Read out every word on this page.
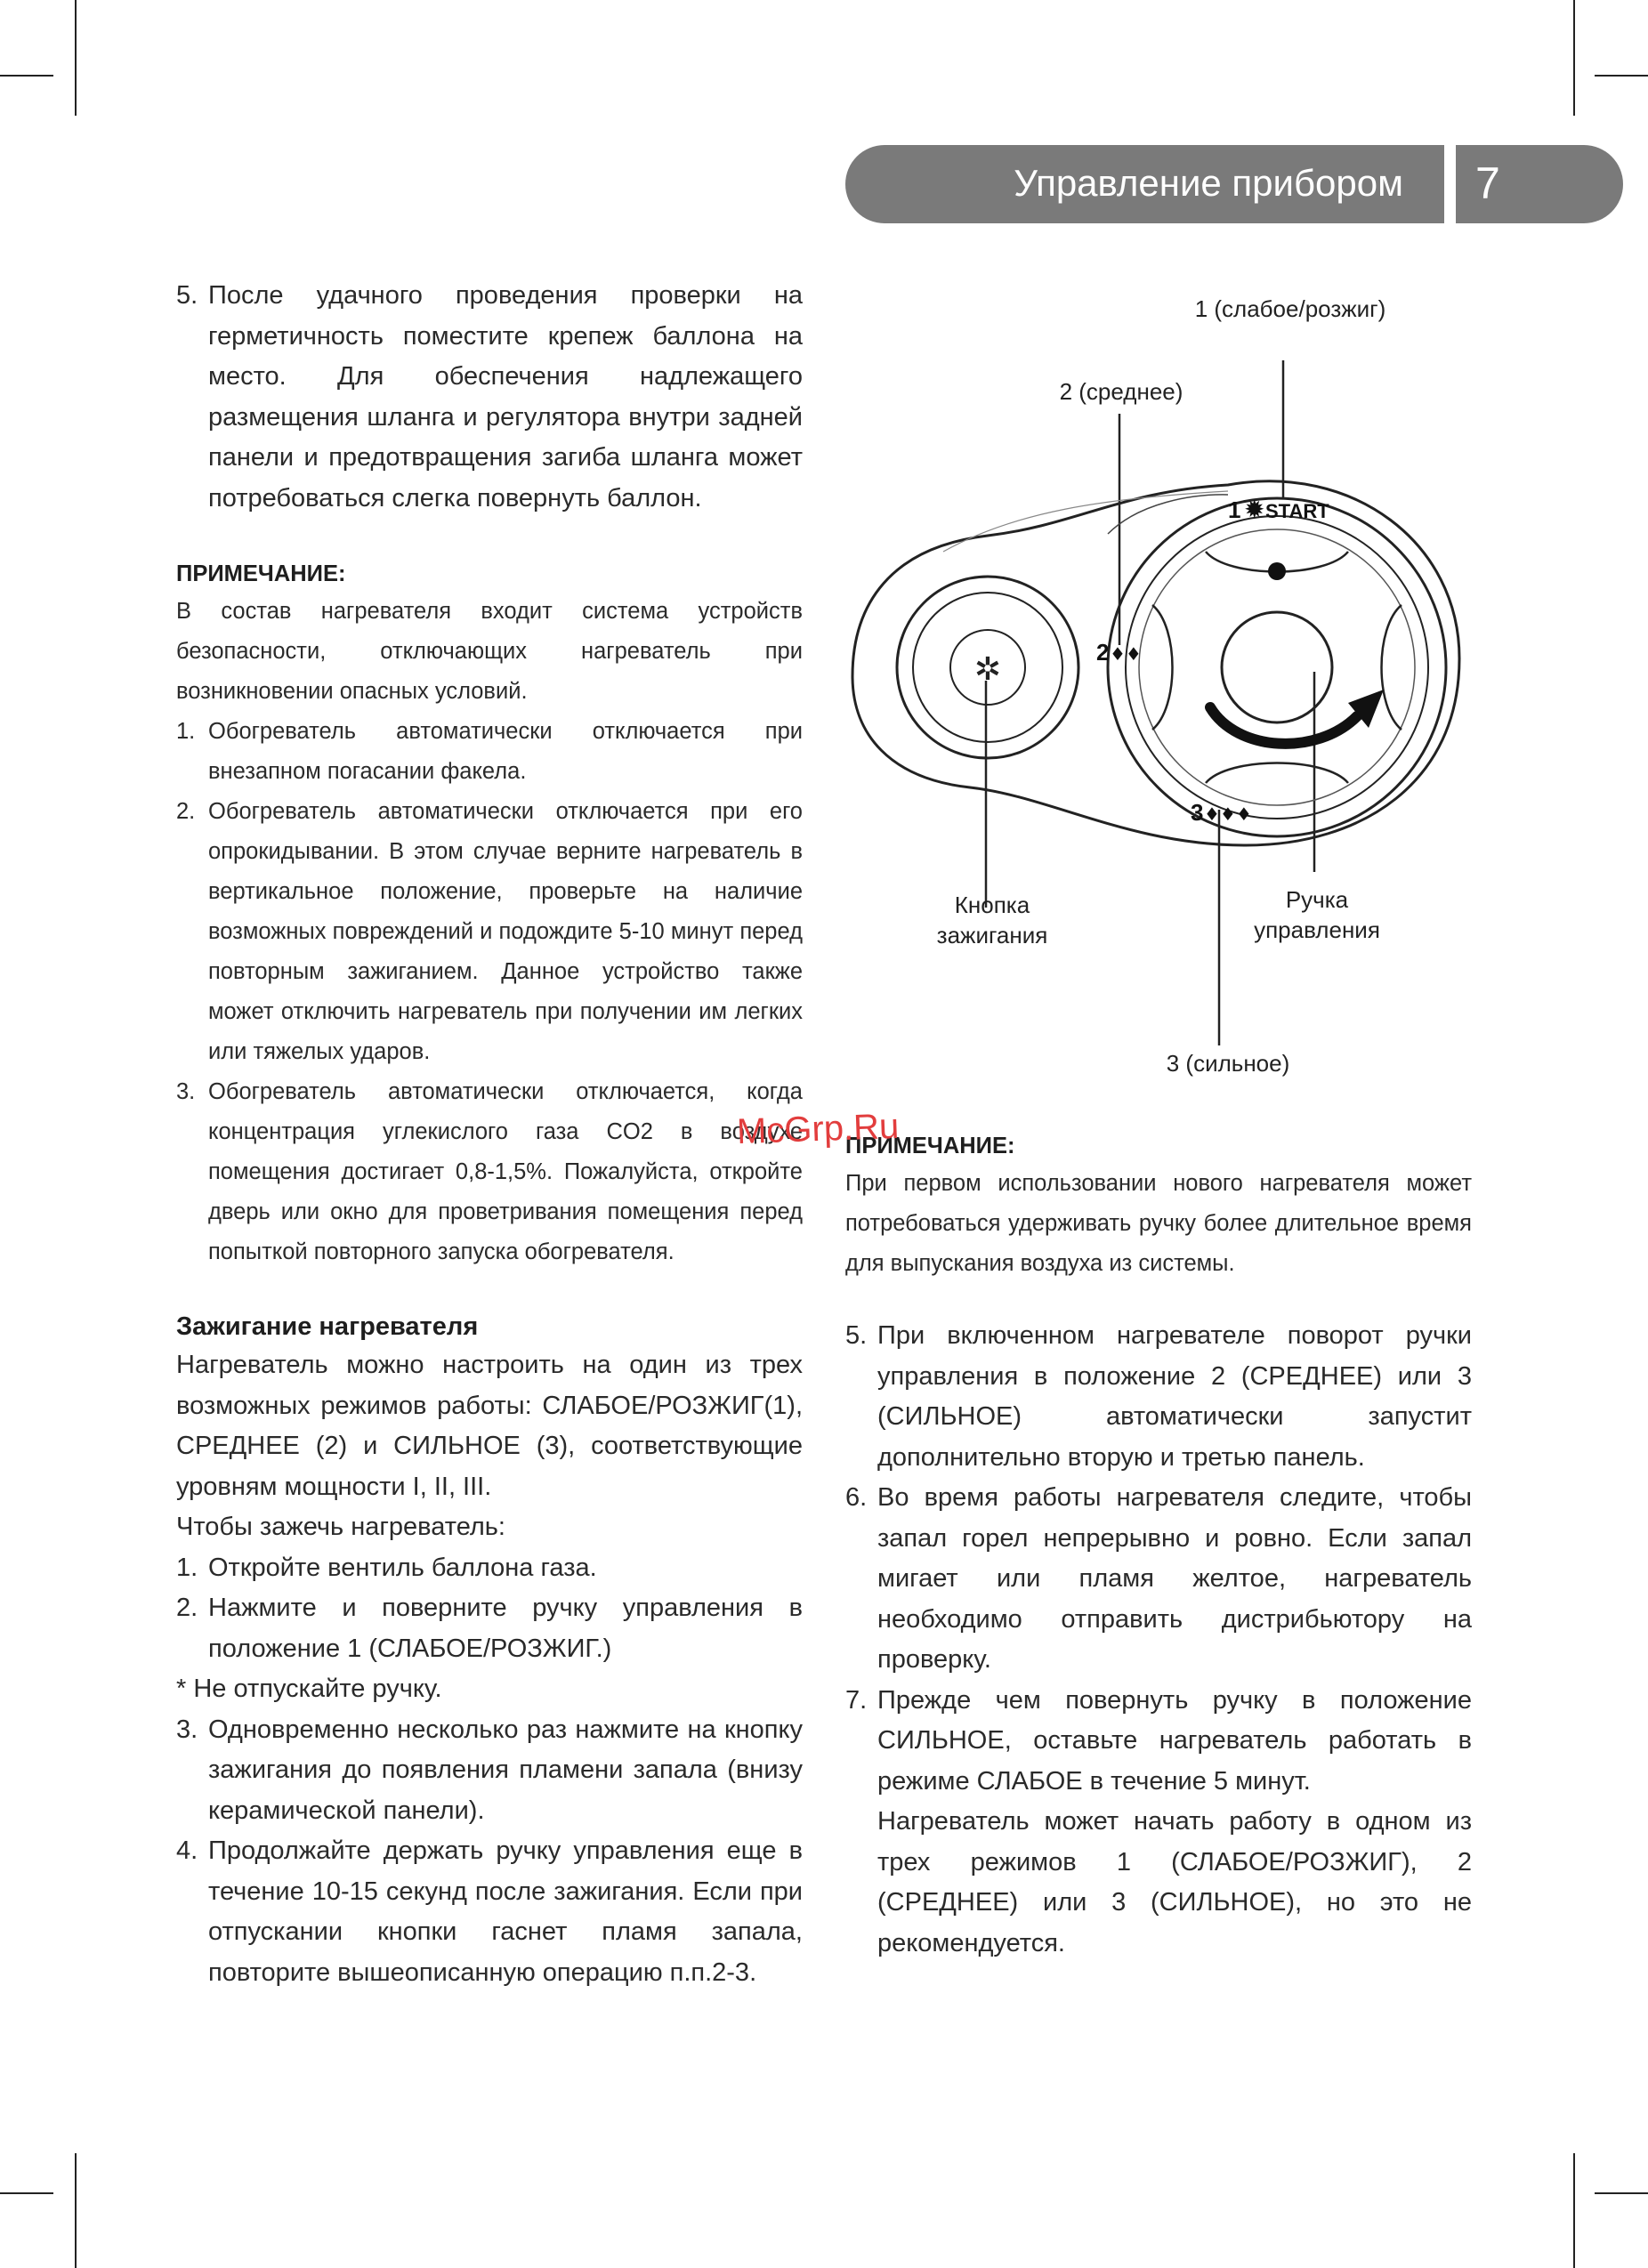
Управление прибором 7
5. После удачного проведения проверки на герметичность поместите крепеж баллона на место. Для обеспечения надлежащего размещения шланга и регулятора внутри задней панели и предотвращения загиба шланга может потребоваться слегка повернуть баллон.

ПРИМЕЧАНИЕ:

В состав нагревателя входит система устройств безопасности, отключающих нагреватель при возникновении опасных условий.

1. Обогреватель автоматически отключается при внезапном погасании факела.
2. Обогреватель автоматически отключается при его опрокидывании. В этом случае верните нагреватель в вертикальное положение, проверьте на наличие возможных повреждений и подождите 5-10 минут перед повторным зажиганием. Данное устройство также может отключить нагреватель при получении им легких или тяжелых ударов.
3. Обогреватель автоматически отключается, когда концентрация углекислого газа CO2 в воздухе помещения достигает 0,8-1,5%. Пожалуйста, откройте дверь или окно для проветривания помещения перед попыткой повторного запуска обогревателя.

Зажигание нагревателя

Нагреватель можно настроить на один из трех возможных режимов работы: СЛАБОЕ/РОЗЖИГ(1), СРЕДНЕЕ (2) и СИЛЬНОЕ (3), соответствующие уровням мощности I, II, III.

Чтобы зажечь нагреватель:

1. Откройте вентиль баллона газа.
2. Нажмите и поверните ручку управления в положение 1 (СЛАБОЕ/РОЗЖИГ.)

* Не отпускайте ручку.

3. Одновременно несколько раз нажмите на кнопку зажигания до появления пламени запала (внизу керамической панели).
4. Продолжайте держать ручку управления еще в течение 10-15 секунд после зажигания. Если при отпускании кнопки гаснет пламя запала, повторите вышеописанную операцию п.п.2-3.
✲
1 ✹ START
2 ♦♦
3 ♦♦♦
1 (слабое/розжиг)
2 (среднее)
Кнопка зажигания
Ручка управления
3 (сильное)

ПРИМЕЧАНИЕ:

При первом использовании нового нагревателя может потребоваться удерживать ручку более длительное время для выпускания воздуха из системы.

5. При включенном нагревателе поворот ручки управления в положение 2 (СРЕДНЕЕ) или 3 (СИЛЬНОЕ) автоматически запустит дополнительно вторую и третью панель.
6. Во время работы нагревателя следите, чтобы запал горел непрерывно и ровно. Если запал мигает или пламя желтое, нагреватель необходимо отправить дистрибьютору на проверку.
7. Прежде чем повернуть ручку в положение СИЛЬНОЕ, оставьте нагреватель работать в режиме СЛАБОЕ в течение 5 минут.

Нагреватель может начать работу в одном из трех режимов 1 (СЛАБОЕ/РОЗЖИГ), 2 (СРЕДНЕЕ) или 3 (СИЛЬНОЕ), но это не рекомендуется.

McGrp.Ru
